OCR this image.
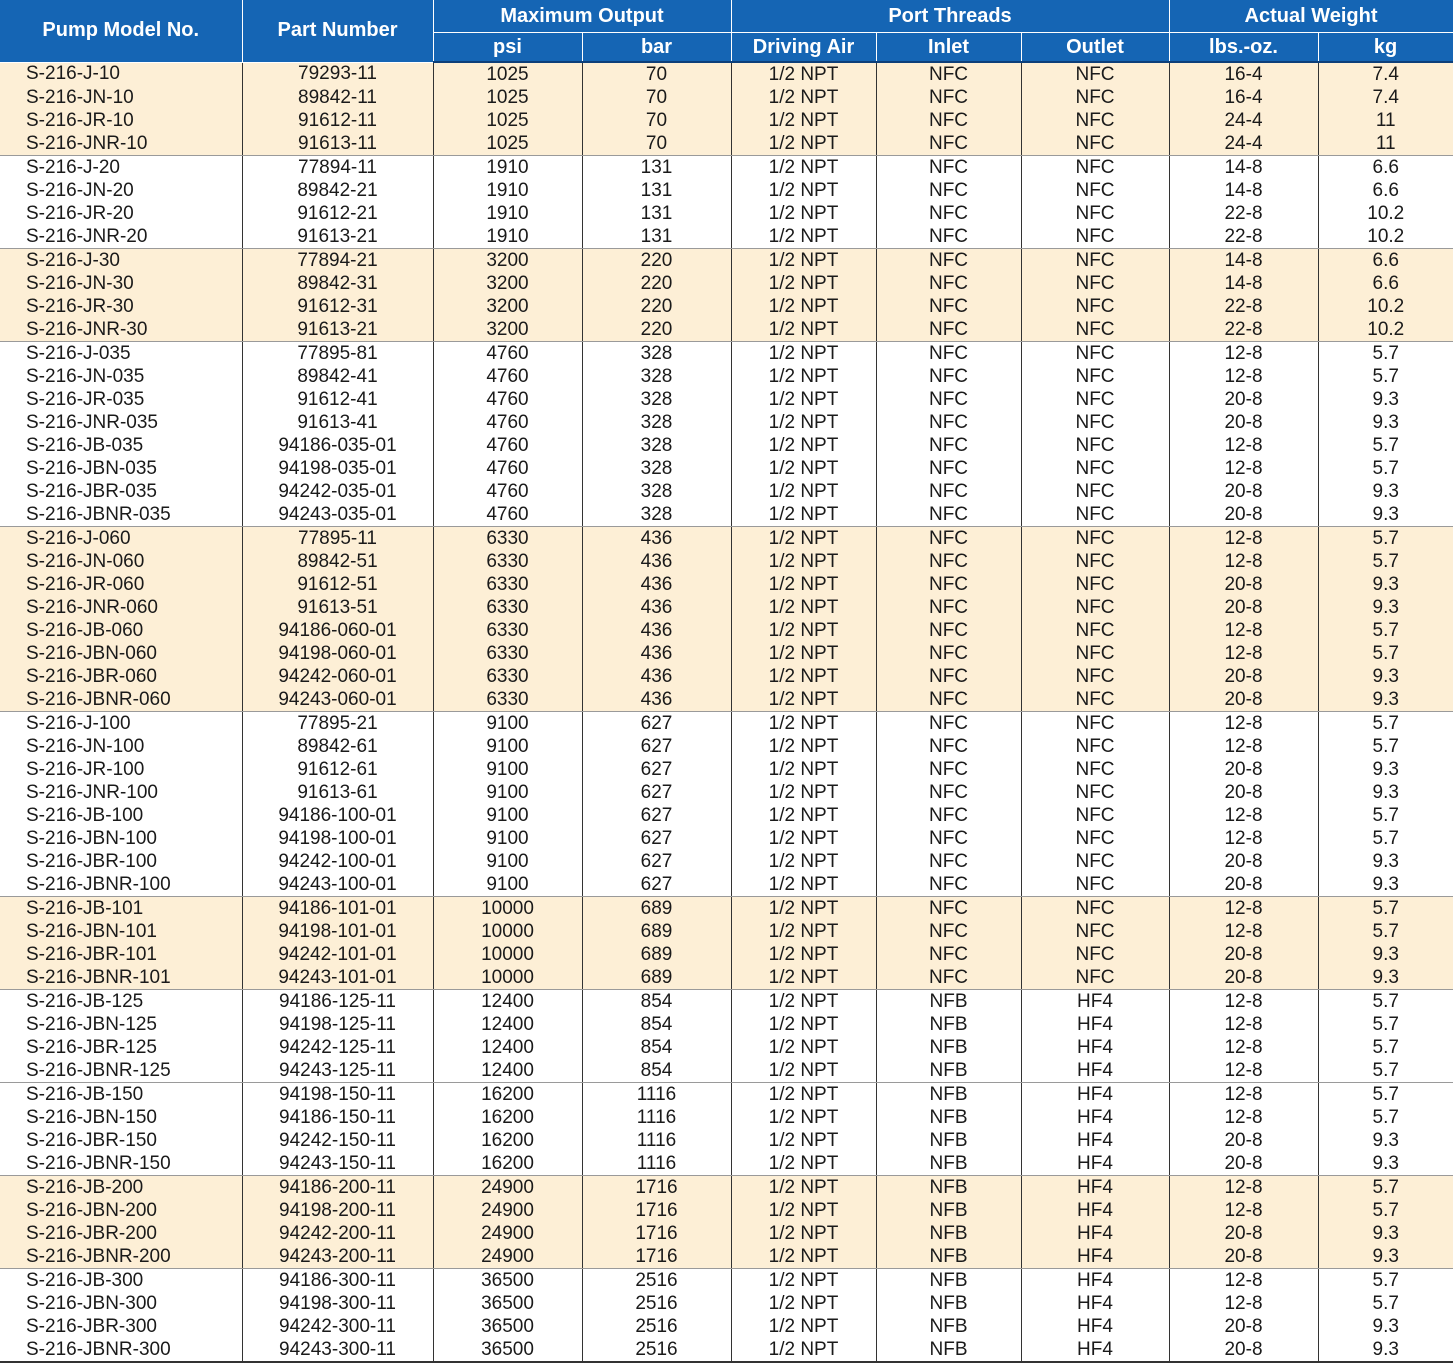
Pump Model No.	Part Number	Maximum Output		Port Threads			Actual Weight	
		psi	bar	Driving Air	Inlet	Outlet	lbs.-oz.	kg
S-216-J-10	79293-11	1025	70	1/2 NPT	NFC	NFC	16-4	7.4
S-216-JN-10	89842-11	1025	70	1/2 NPT	NFC	NFC	16-4	7.4
S-216-JR-10	91612-11	1025	70	1/2 NPT	NFC	NFC	24-4	11
S-216-JNR-10	91613-11	1025	70	1/2 NPT	NFC	NFC	24-4	11
S-216-J-20	77894-11	1910	131	1/2 NPT	NFC	NFC	14-8	6.6
S-216-JN-20	89842-21	1910	131	1/2 NPT	NFC	NFC	14-8	6.6
S-216-JR-20	91612-21	1910	131	1/2 NPT	NFC	NFC	22-8	10.2
S-216-JNR-20	91613-21	1910	131	1/2 NPT	NFC	NFC	22-8	10.2
S-216-J-30	77894-21	3200	220	1/2 NPT	NFC	NFC	14-8	6.6
S-216-JN-30	89842-31	3200	220	1/2 NPT	NFC	NFC	14-8	6.6
S-216-JR-30	91612-31	3200	220	1/2 NPT	NFC	NFC	22-8	10.2
S-216-JNR-30	91613-21	3200	220	1/2 NPT	NFC	NFC	22-8	10.2
S-216-J-035	77895-81	4760	328	1/2 NPT	NFC	NFC	12-8	5.7
S-216-JN-035	89842-41	4760	328	1/2 NPT	NFC	NFC	12-8	5.7
S-216-JR-035	91612-41	4760	328	1/2 NPT	NFC	NFC	20-8	9.3
S-216-JNR-035	91613-41	4760	328	1/2 NPT	NFC	NFC	20-8	9.3
S-216-JB-035	94186-035-01	4760	328	1/2 NPT	NFC	NFC	12-8	5.7
S-216-JBN-035	94198-035-01	4760	328	1/2 NPT	NFC	NFC	12-8	5.7
S-216-JBR-035	94242-035-01	4760	328	1/2 NPT	NFC	NFC	20-8	9.3
S-216-JBNR-035	94243-035-01	4760	328	1/2 NPT	NFC	NFC	20-8	9.3
S-216-J-060	77895-11	6330	436	1/2 NPT	NFC	NFC	12-8	5.7
S-216-JN-060	89842-51	6330	436	1/2 NPT	NFC	NFC	12-8	5.7
S-216-JR-060	91612-51	6330	436	1/2 NPT	NFC	NFC	20-8	9.3
S-216-JNR-060	91613-51	6330	436	1/2 NPT	NFC	NFC	20-8	9.3
S-216-JB-060	94186-060-01	6330	436	1/2 NPT	NFC	NFC	12-8	5.7
S-216-JBN-060	94198-060-01	6330	436	1/2 NPT	NFC	NFC	12-8	5.7
S-216-JBR-060	94242-060-01	6330	436	1/2 NPT	NFC	NFC	20-8	9.3
S-216-JBNR-060	94243-060-01	6330	436	1/2 NPT	NFC	NFC	20-8	9.3
S-216-J-100	77895-21	9100	627	1/2 NPT	NFC	NFC	12-8	5.7
S-216-JN-100	89842-61	9100	627	1/2 NPT	NFC	NFC	12-8	5.7
S-216-JR-100	91612-61	9100	627	1/2 NPT	NFC	NFC	20-8	9.3
S-216-JNR-100	91613-61	9100	627	1/2 NPT	NFC	NFC	20-8	9.3
S-216-JB-100	94186-100-01	9100	627	1/2 NPT	NFC	NFC	12-8	5.7
S-216-JBN-100	94198-100-01	9100	627	1/2 NPT	NFC	NFC	12-8	5.7
S-216-JBR-100	94242-100-01	9100	627	1/2 NPT	NFC	NFC	20-8	9.3
S-216-JBNR-100	94243-100-01	9100	627	1/2 NPT	NFC	NFC	20-8	9.3
S-216-JB-101	94186-101-01	10000	689	1/2 NPT	NFC	NFC	12-8	5.7
S-216-JBN-101	94198-101-01	10000	689	1/2 NPT	NFC	NFC	12-8	5.7
S-216-JBR-101	94242-101-01	10000	689	1/2 NPT	NFC	NFC	20-8	9.3
S-216-JBNR-101	94243-101-01	10000	689	1/2 NPT	NFC	NFC	20-8	9.3
S-216-JB-125	94186-125-11	12400	854	1/2 NPT	NFB	HF4	12-8	5.7
S-216-JBN-125	94198-125-11	12400	854	1/2 NPT	NFB	HF4	12-8	5.7
S-216-JBR-125	94242-125-11	12400	854	1/2 NPT	NFB	HF4	12-8	5.7
S-216-JBNR-125	94243-125-11	12400	854	1/2 NPT	NFB	HF4	12-8	5.7
S-216-JB-150	94198-150-11	16200	1116	1/2 NPT	NFB	HF4	12-8	5.7
S-216-JBN-150	94186-150-11	16200	1116	1/2 NPT	NFB	HF4	12-8	5.7
S-216-JBR-150	94242-150-11	16200	1116	1/2 NPT	NFB	HF4	20-8	9.3
S-216-JBNR-150	94243-150-11	16200	1116	1/2 NPT	NFB	HF4	20-8	9.3
S-216-JB-200	94186-200-11	24900	1716	1/2 NPT	NFB	HF4	12-8	5.7
S-216-JBN-200	94198-200-11	24900	1716	1/2 NPT	NFB	HF4	12-8	5.7
S-216-JBR-200	94242-200-11	24900	1716	1/2 NPT	NFB	HF4	20-8	9.3
S-216-JBNR-200	94243-200-11	24900	1716	1/2 NPT	NFB	HF4	20-8	9.3
S-216-JB-300	94186-300-11	36500	2516	1/2 NPT	NFB	HF4	12-8	5.7
S-216-JBN-300	94198-300-11	36500	2516	1/2 NPT	NFB	HF4	12-8	5.7
S-216-JBR-300	94242-300-11	36500	2516	1/2 NPT	NFB	HF4	20-8	9.3
S-216-JBNR-300	94243-300-11	36500	2516	1/2 NPT	NFB	HF4	20-8	9.3
